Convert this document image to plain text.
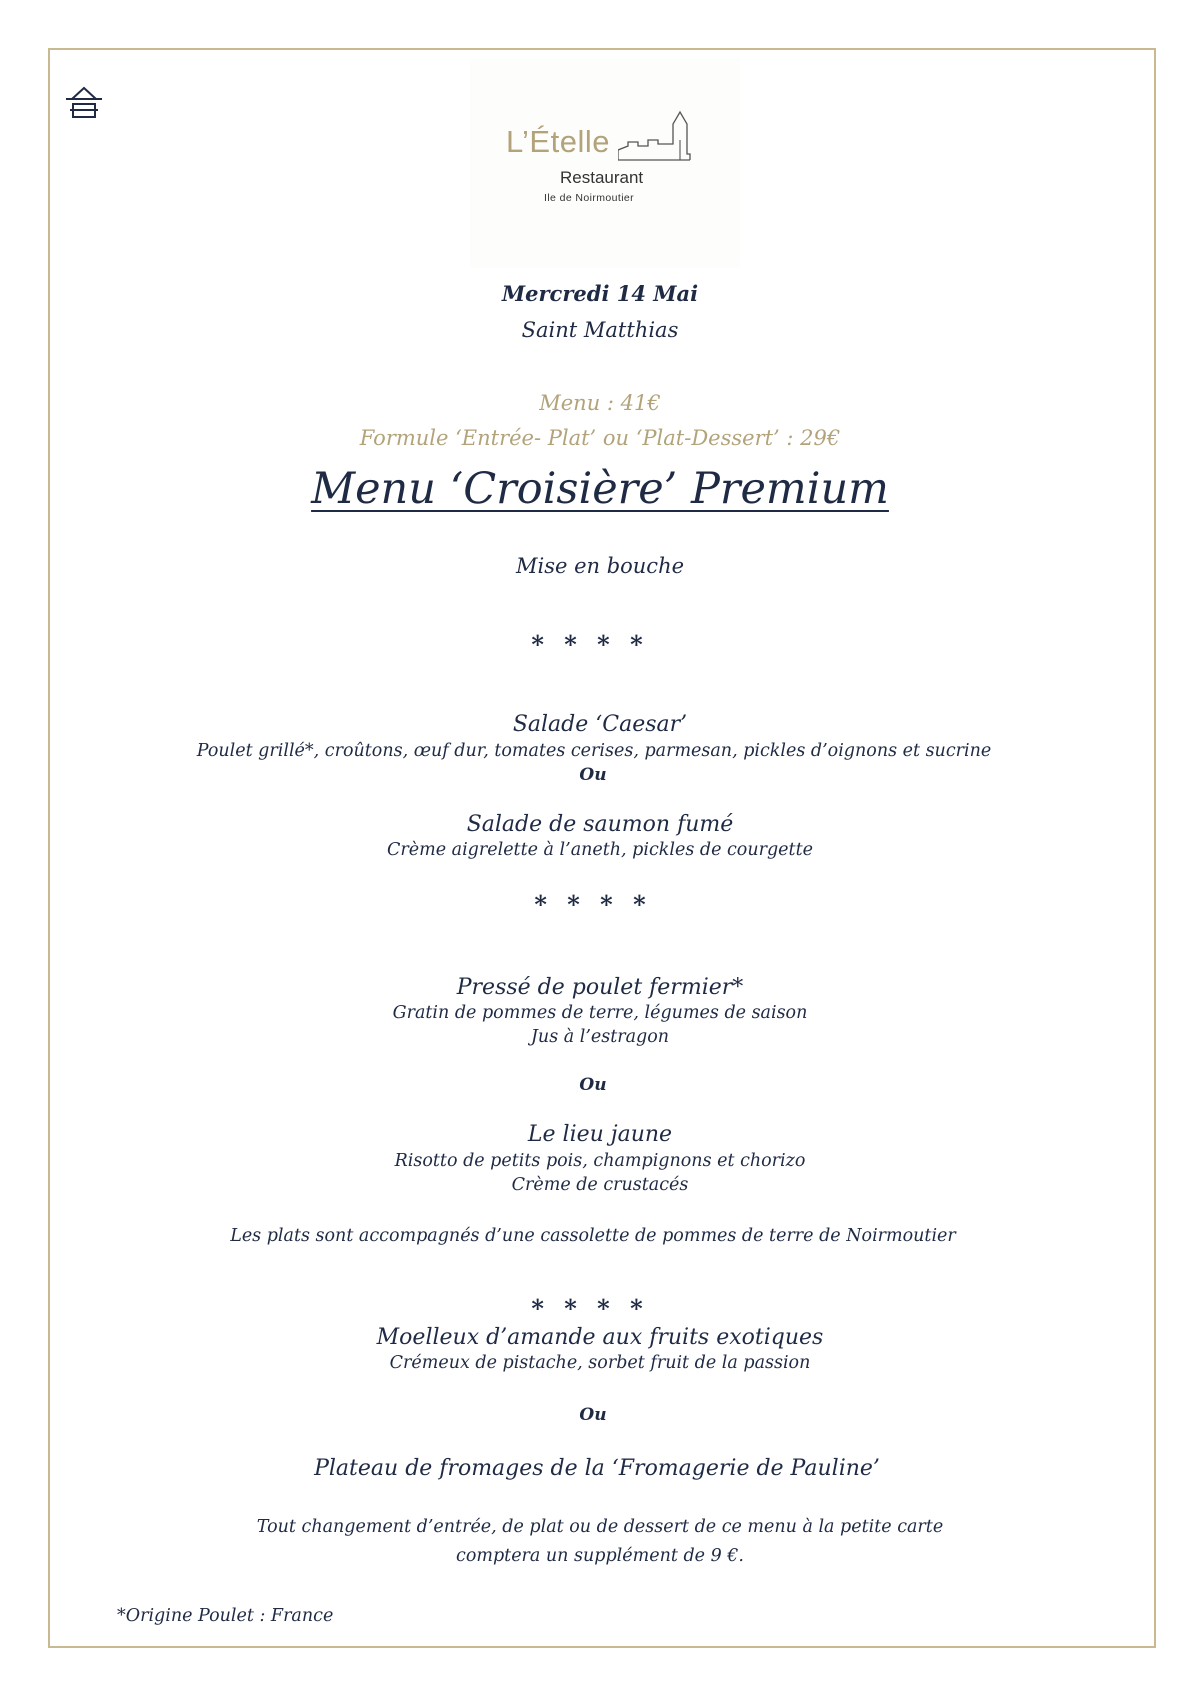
L’Ételle
Restaurant
Ile de Noirmoutier
Mercredi 14 Mai
Saint Matthias
Menu : 41€
Formule ‘Entrée- Plat’ ou ‘Plat-Dessert’ : 29€
Menu ‘Croisière’ Premium
Mise en bouche
* * * *
Salade ‘Caesar’
Poulet grillé*, croûtons, œuf dur, tomates cerises, parmesan, pickles d’oignons et sucrine
Ou
Salade de saumon fumé
Crème aigrelette à l’aneth, pickles de courgette
* * * *
Pressé de poulet fermier*
Gratin de pommes de terre, légumes de saison
Jus à l’estragon
Ou
Le lieu jaune
Risotto de petits pois, champignons et chorizo
Crème de crustacés
Les plats sont accompagnés d’une cassolette de pommes de terre de Noirmoutier
* * * *
Moelleux d’amande aux fruits exotiques
Crémeux de pistache, sorbet fruit de la passion
Ou
Plateau de fromages de la ‘Fromagerie de Pauline’
Tout changement d’entrée, de plat ou de dessert de ce menu à la petite carte
comptera un supplément de 9 €.
*Origine Poulet : France
